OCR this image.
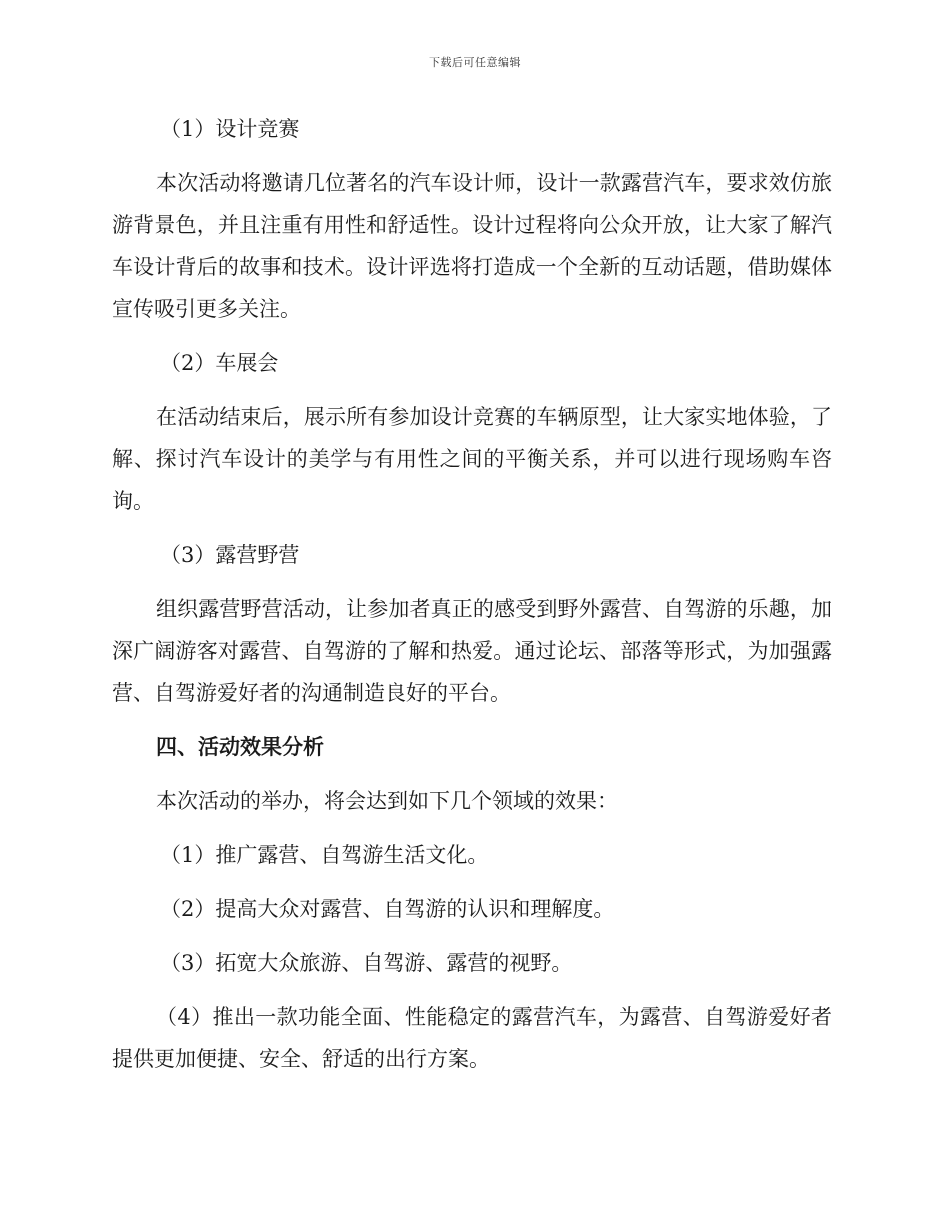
下载后可任意编辑

（1）设计竞赛

本次活动将邀请几位著名的汽车设计师，设计一款露营汽车，要求效仿旅游背景色，并且注重有用性和舒适性。设计过程将向公众开放，让大家了解汽车设计背后的故事和技术。设计评选将打造成一个全新的互动话题，借助媒体宣传吸引更多关注。

（2）车展会

在活动结束后，展示所有参加设计竞赛的车辆原型，让大家实地体验，了解、探讨汽车设计的美学与有用性之间的平衡关系，并可以进行现场购车咨询。

（3）露营野营

组织露营野营活动，让参加者真正的感受到野外露营、自驾游的乐趣，加深广阔游客对露营、自驾游的了解和热爱。通过论坛、部落等形式，为加强露营、自驾游爱好者的沟通制造良好的平台。

四、活动效果分析

本次活动的举办，将会达到如下几个领域的效果：

（1）推广露营、自驾游生活文化。

（2）提高大众对露营、自驾游的认识和理解度。

（3）拓宽大众旅游、自驾游、露营的视野。

（4）推出一款功能全面、性能稳定的露营汽车，为露营、自驾游爱好者提供更加便捷、安全、舒适的出行方案。
